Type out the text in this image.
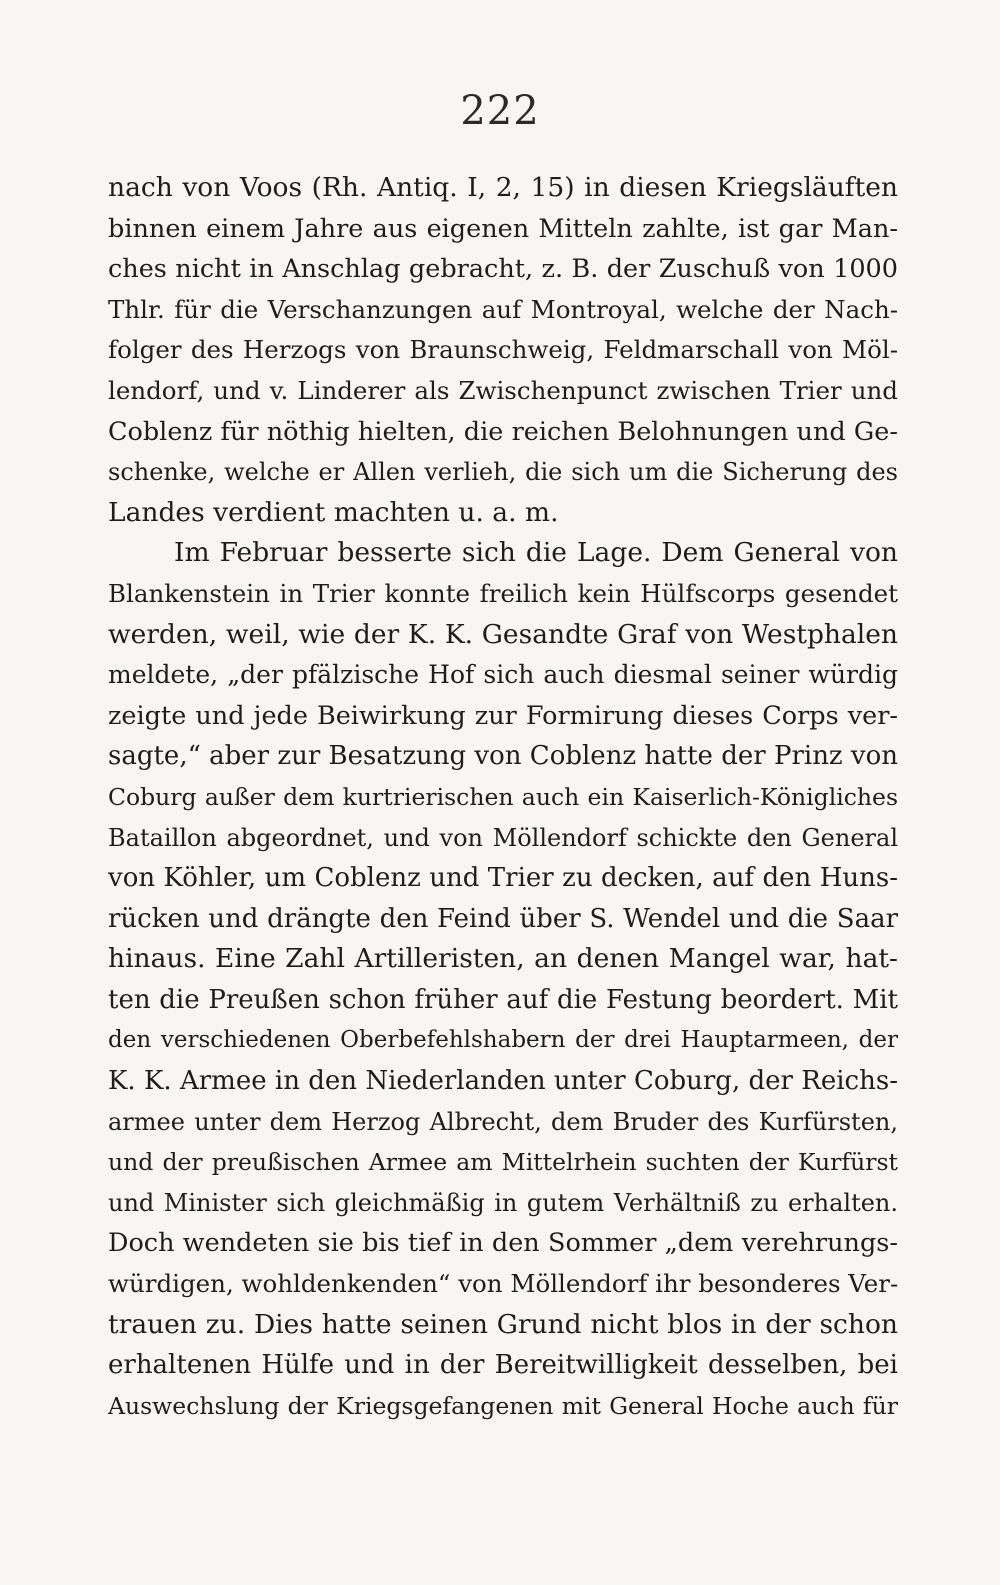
222
nach von Voos (Rh. Antiq. I, 2, 15) in diesen Kriegsläuften
binnen einem Jahre aus eigenen Mitteln zahlte, ist gar Man-
ches nicht in Anschlag gebracht, z. B. der Zuschuß von 1000
Thlr. für die Verschanzungen auf Montroyal, welche der Nach-
folger des Herzogs von Braunschweig, Feldmarschall von Möl-
lendorf, und v. Linderer als Zwischenpunct zwischen Trier und
Coblenz für nöthig hielten, die reichen Belohnungen und Ge-
schenke, welche er Allen verlieh, die sich um die Sicherung des
Landes verdient machten u. a. m.
Im Februar besserte sich die Lage. Dem General von
Blankenstein in Trier konnte freilich kein Hülfscorps gesendet
werden, weil, wie der K. K. Gesandte Graf von Westphalen
meldete, „der pfälzische Hof sich auch diesmal seiner würdig
zeigte und jede Beiwirkung zur Formirung dieses Corps ver-
sagte,“ aber zur Besatzung von Coblenz hatte der Prinz von
Coburg außer dem kurtrierischen auch ein Kaiserlich-Königliches
Bataillon abgeordnet, und von Möllendorf schickte den General
von Köhler, um Coblenz und Trier zu decken, auf den Huns-
rücken und drängte den Feind über S. Wendel und die Saar
hinaus. Eine Zahl Artilleristen, an denen Mangel war, hat-
ten die Preußen schon früher auf die Festung beordert. Mit
den verschiedenen Oberbefehlshabern der drei Hauptarmeen, der
K. K. Armee in den Niederlanden unter Coburg, der Reichs-
armee unter dem Herzog Albrecht, dem Bruder des Kurfürsten,
und der preußischen Armee am Mittelrhein suchten der Kurfürst
und Minister sich gleichmäßig in gutem Verhältniß zu erhalten.
Doch wendeten sie bis tief in den Sommer „dem verehrungs-
würdigen, wohldenkenden“ von Möllendorf ihr besonderes Ver-
trauen zu. Dies hatte seinen Grund nicht blos in der schon
erhaltenen Hülfe und in der Bereitwilligkeit desselben, bei
Auswechslung der Kriegsgefangenen mit General Hoche auch für
